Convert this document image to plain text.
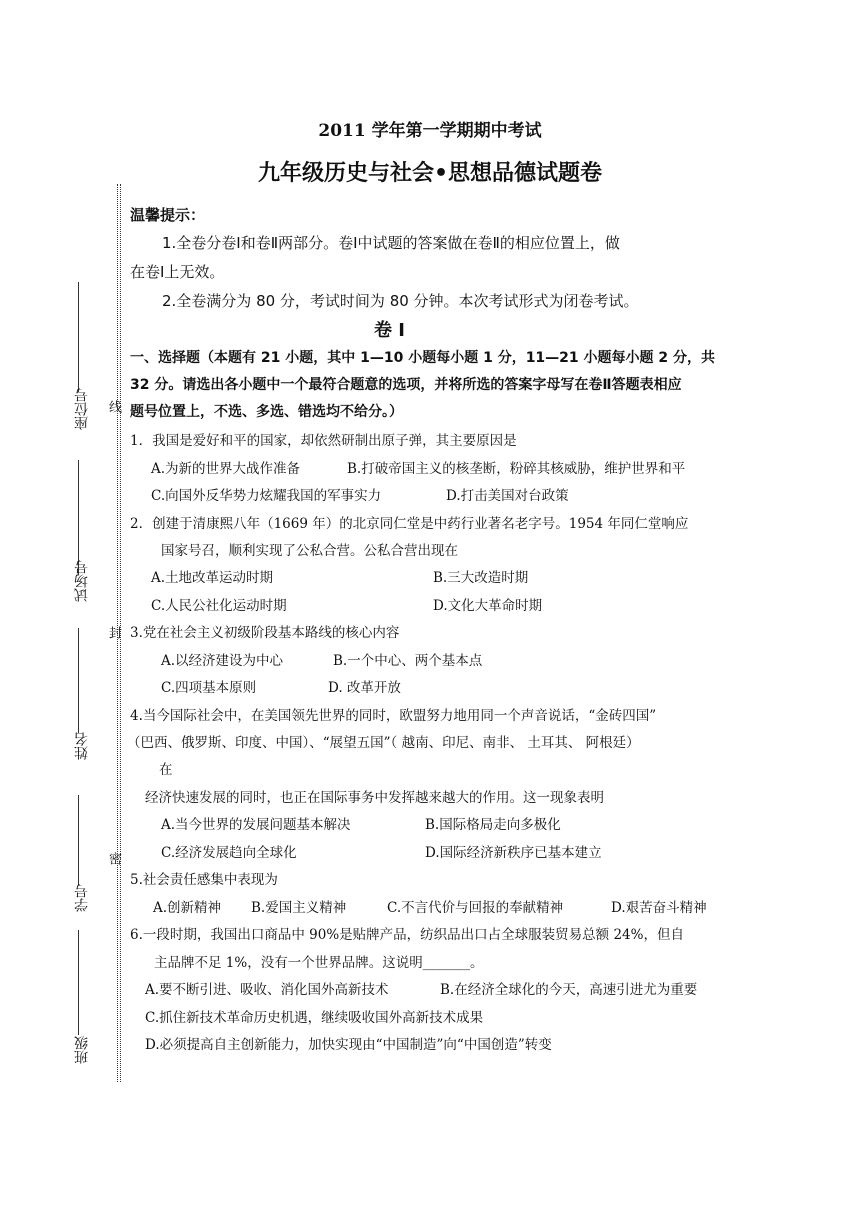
2011 学年第一学期期中考试
九年级历史与社会•思想品德试题卷
座位号
试场号
姓名
学号
班级
线
封
密
温馨提示：
1.全卷分卷Ⅰ和卷Ⅱ两部分。卷Ⅰ中试题的答案做在卷Ⅱ的相应位置上，做
在卷Ⅰ上无效。
2.全卷满分为 80 分，考试时间为 80 分钟。本次考试形式为闭卷考试。
卷 Ⅰ
一、选择题（本题有 21 小题，其中 1—10 小题每小题 1 分，11—21 小题每小题 2 分，共
32 分。请选出各小题中一个最符合题意的选项，并将所选的答案字母写在卷Ⅱ答题表相应
题号位置上，不选、多选、错选均不给分。）
1．我国是爱好和平的国家，却依然研制出原子弹，其主要原因是
A.为新的世界大战作准备	B.打破帝国主义的核垄断，粉碎其核威胁，维护世界和平
C.向国外反华势力炫耀我国的军事实力	D.打击美国对台政策
2．创建于清康熙八年（1669 年）的北京同仁堂是中药行业著名老字号。1954 年同仁堂响应
国家号召，顺利实现了公私合营。公私合营出现在
A.土地改革运动时期	B.三大改造时期
C.人民公社化运动时期	D.文化大革命时期
3.党在社会主义初级阶段基本路线的核心内容
A.以经济建设为中心	B.一个中心、两个基本点
C.四项基本原则	D. 改革开放
4.当今国际社会中，在美国领先世界的同时，欧盟努力地用同一个声音说话，“金砖四国”
（巴西、俄罗斯、印度、中国）、“展望五国”（ 越南、印尼、南非、 土耳其、 阿根廷）
在
经济快速发展的同时，也正在国际事务中发挥越来越大的作用。这一现象表明
A.当今世界的发展问题基本解决	B.国际格局走向多极化
C.经济发展趋向全球化	D.国际经济新秩序已基本建立
5.社会责任感集中表现为
A.创新精神 B.爱国主义精神	C.不言代价与回报的奉献精神	D.艰苦奋斗精神
6.一段时期，我国出口商品中 90%是贴牌产品，纺织品出口占全球服装贸易总额 24%，但自
主品牌不足 1%，没有一个世界品牌。这说明_______。
A.要不断引进、吸收、消化国外高新技术	B.在经济全球化的今天，高速引进尤为重要
C.抓住新技术革命历史机遇，继续吸收国外高新技术成果
D.必须提高自主创新能力，加快实现由“中国制造”向“中国创造”转变
